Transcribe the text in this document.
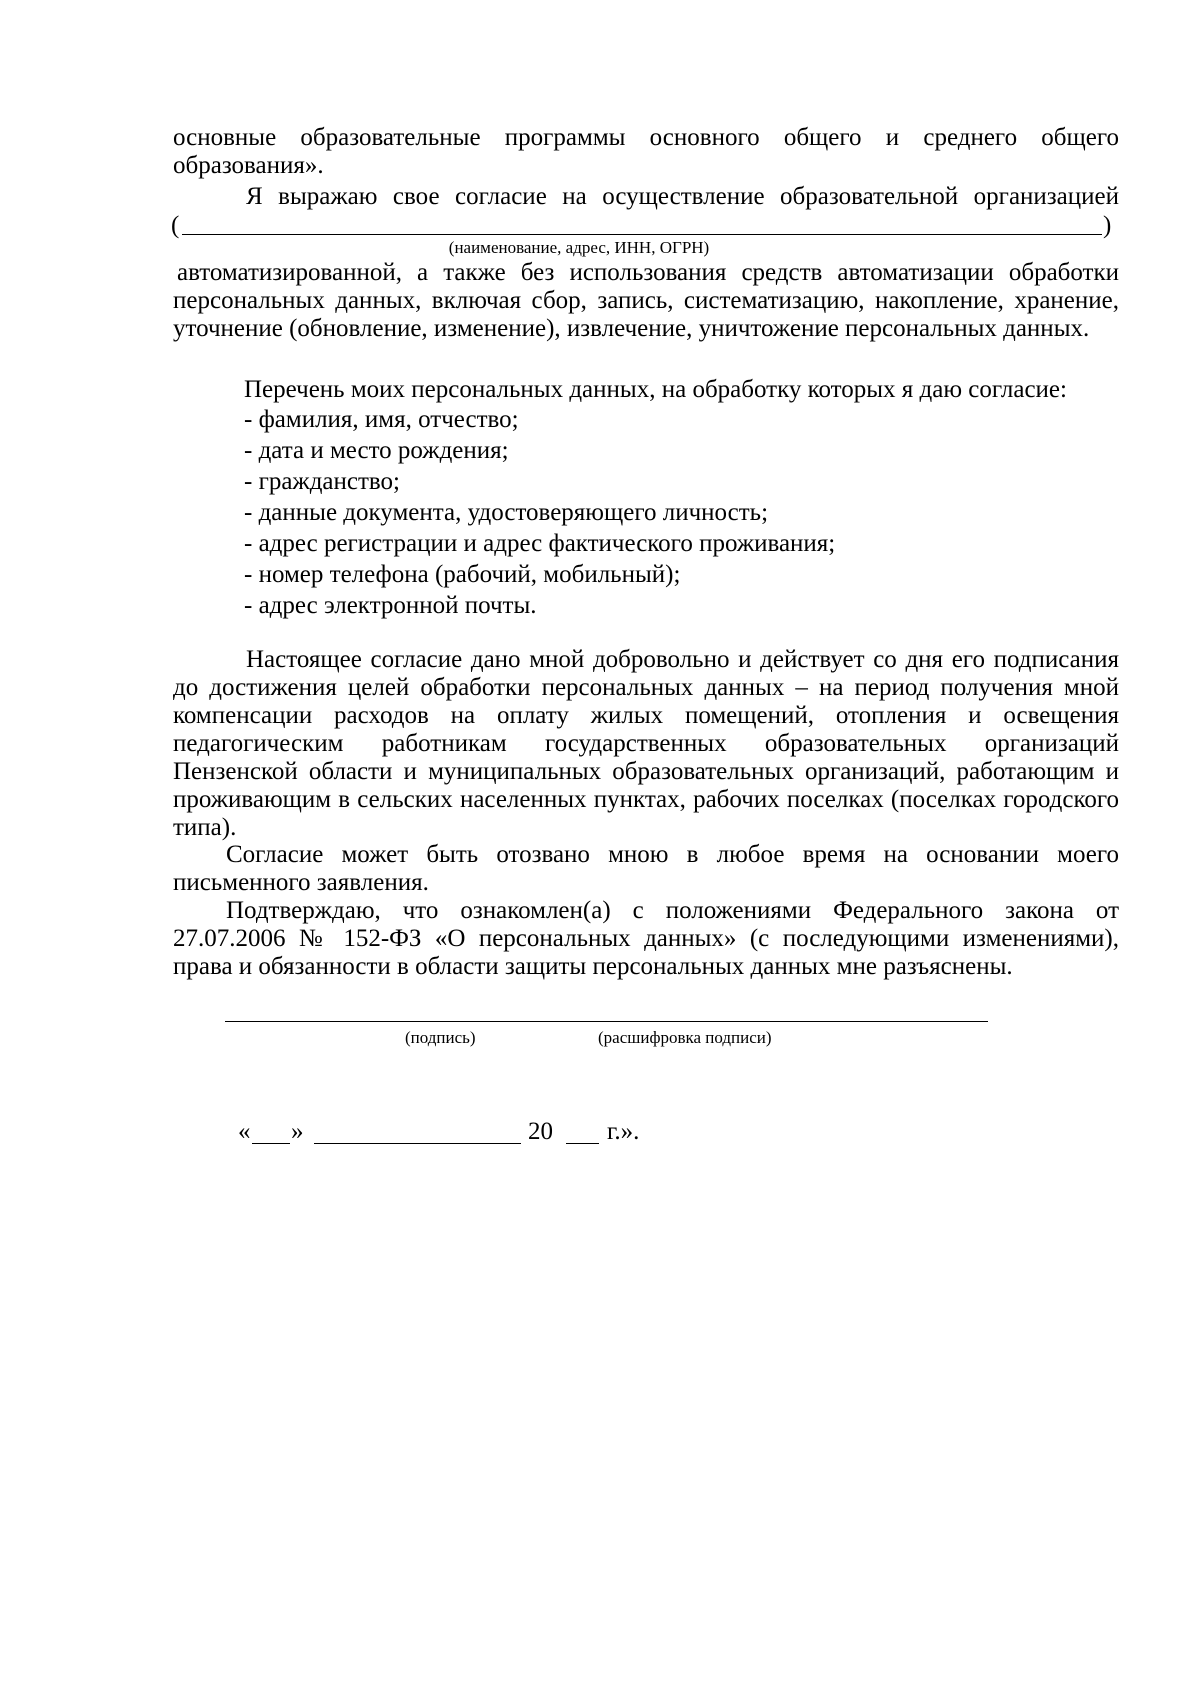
основные образовательные программы основного общего и среднего общего образования».
Я выражаю свое согласие на осуществление образовательной организацией
(	)
(наименование, адрес, ИНН, ОГРН)
автоматизированной, а также без использования средств автоматизации обработки персональных данных, включая сбор, запись, систематизацию, накопление, хранение, уточнение (обновление, изменение), извлечение, уничтожение персональных данных.
Перечень моих персональных данных, на обработку которых я даю согласие:
- фамилия, имя, отчество;
- дата и место рождения;
- гражданство;
- данные документа, удостоверяющего личность;
- адрес регистрации и адрес фактического проживания;
- номер телефона (рабочий, мобильный);
- адрес электронной почты.
Настоящее согласие дано мной добровольно и действует со дня его подписания до достижения целей обработки персональных данных – на период получения мной компенсации расходов на оплату жилых помещений, отопления и освещения педагогическим работникам государственных образовательных организаций Пензенской области и муниципальных образовательных организаций, работающим и проживающим в сельских населенных пунктах, рабочих поселках (поселках городского типа).
Согласие может быть отозвано мною в любое время на основании моего письменного заявления.
Подтверждаю, что ознакомлен(а) с положениями Федерального закона от 27.07.2006 № 152-ФЗ «О персональных данных» (с последующими изменениями), права и обязанности в области защиты персональных данных мне разъяснены.
(подпись)	(расшифровка подписи)
« »	20 г.».
